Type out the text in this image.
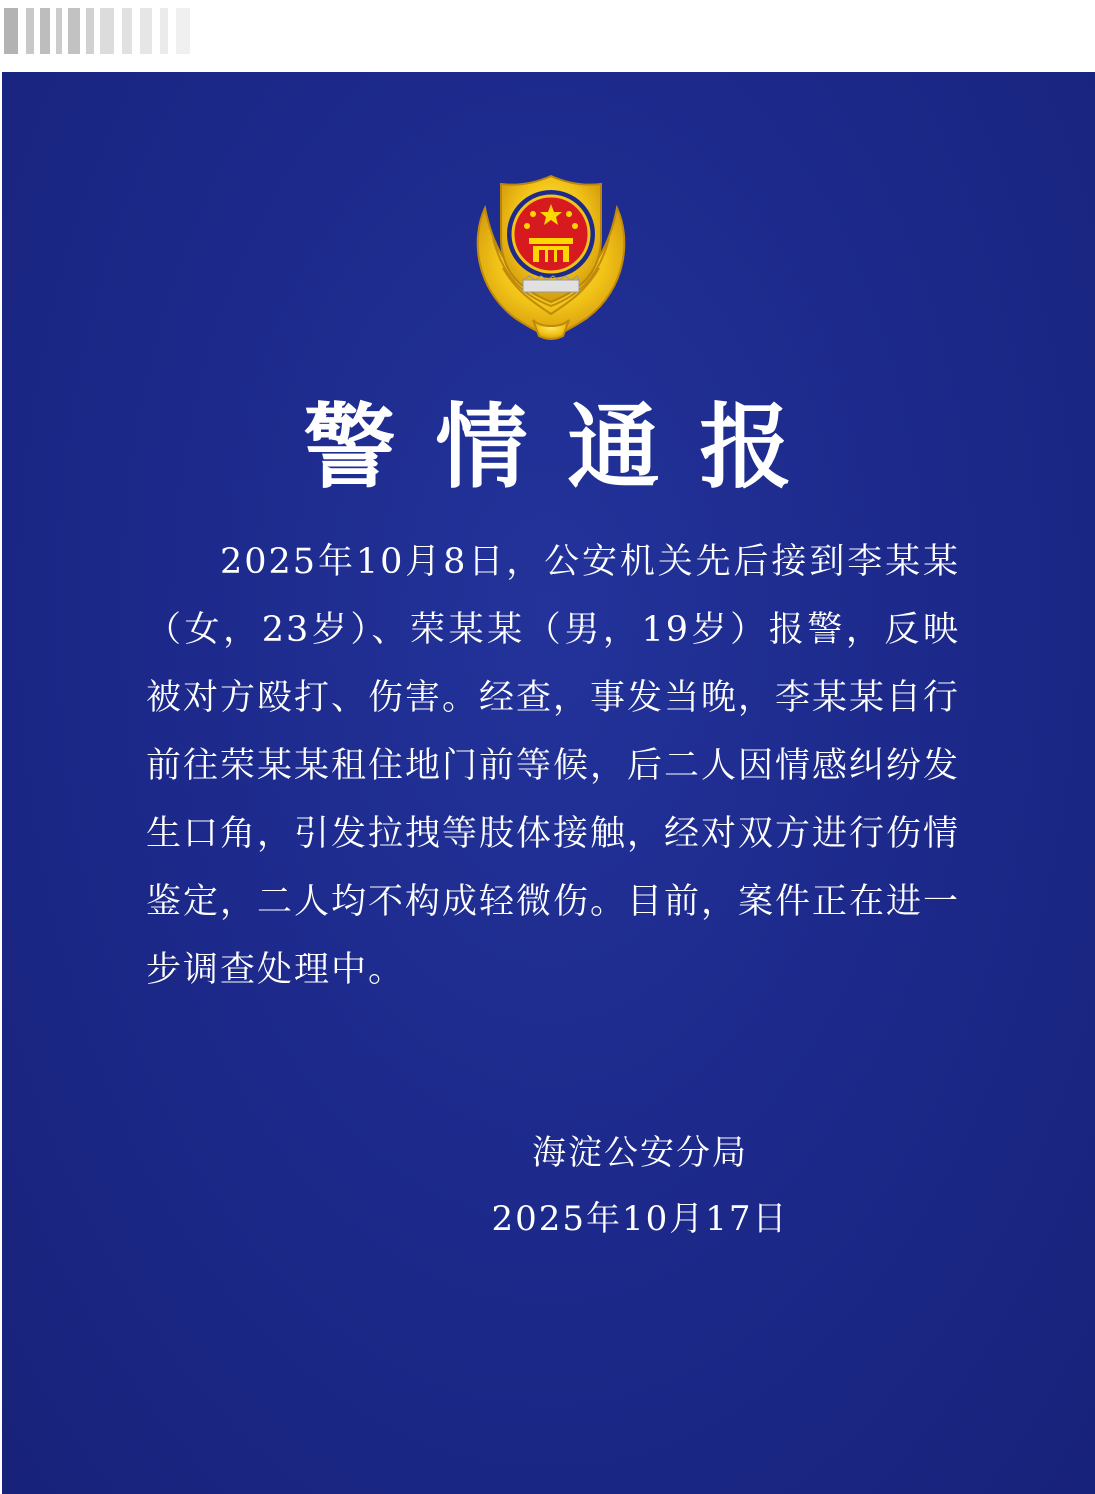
警情通报
2025年10月8日，公安机关先后接到李某某（女，23岁）、荣某某（男，19岁）报警，反映被对方殴打、伤害。经查，事发当晚，李某某自行前往荣某某租住地门前等候，后二人因情感纠纷发生口角，引发拉拽等肢体接触，经对双方进行伤情鉴定，二人均不构成轻微伤。目前，案件正在进一步调查处理中。
海淀公安分局
2025年10月17日
